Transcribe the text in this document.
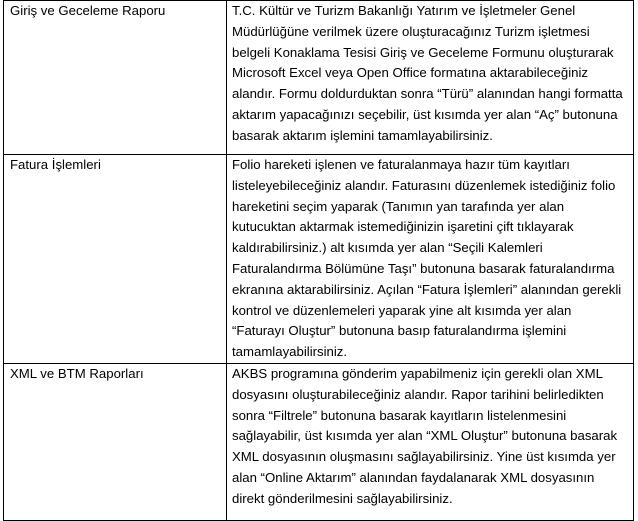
Giriş ve Geceleme Raporu	T.C. Kültür ve Turizm Bakanlığı Yatırım ve İşletmeler Genel Müdürlüğüne verilmek üzere oluşturacağınız Turizm işletmesi belgeli Konaklama Tesisi Giriş ve Geceleme Formunu oluşturarak Microsoft Excel veya Open Office formatına aktarabileceğiniz alandır. Formu doldurduktan sonra “Türü” alanından hangi formatta aktarım yapacağınızı seçebilir, üst kısımda yer alan “Aç” butonuna basarak aktarım işlemini tamamlayabilirsiniz.
Fatura İşlemleri	Folio hareketi işlenen ve faturalanmaya hazır tüm kayıtları listeleyebileceğiniz alandır. Faturasını düzenlemek istediğiniz folio hareketini seçim yaparak (Tanımın yan tarafında yer alan kutucuktan aktarmak istemediğinizin işaretini çift tıklayarak kaldırabilirsiniz.) alt kısımda yer alan “Seçili Kalemleri Faturalandırma Bölümüne Taşı” butonuna basarak faturalandırma ekranına aktarabilirsiniz. Açılan “Fatura İşlemleri” alanından gerekli kontrol ve düzenlemeleri yaparak yine alt kısımda yer alan “Faturayı Oluştur” butonuna basıp faturalandırma işlemini tamamlayabilirsiniz.
XML ve BTM Raporları	AKBS programına gönderim yapabilmeniz için gerekli olan XML dosyasını oluşturabileceğiniz alandır. Rapor tarihini belirledikten sonra “Filtrele” butonuna basarak kayıtların listelenmesini sağlayabilir, üst kısımda yer alan “XML Oluştur” butonuna basarak XML dosyasının oluşmasını sağlayabilirsiniz. Yine üst kısımda yer alan “Online Aktarım” alanından faydalanarak XML dosyasının direkt gönderilmesini sağlayabilirsiniz.
